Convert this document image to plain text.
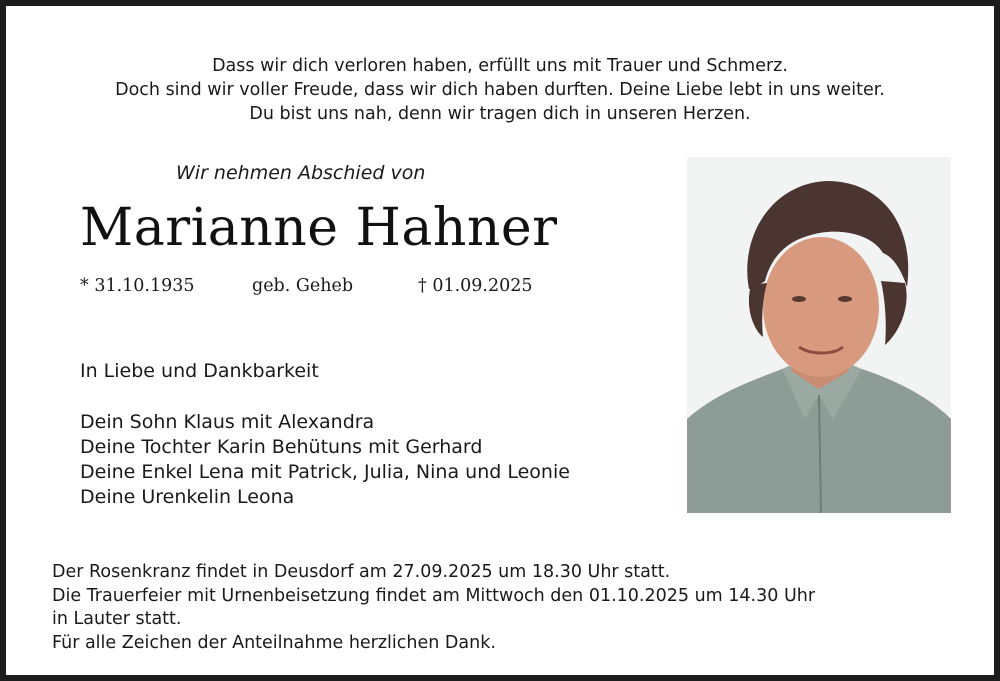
Dass wir dich verloren haben, erfüllt uns mit Trauer und Schmerz.
Doch sind wir voller Freude, dass wir dich haben durften. Deine Liebe lebt in uns weiter.
Du bist uns nah, denn wir tragen dich in unseren Herzen.
Wir nehmen Abschied von
Marianne Hahner
* 31.10.1935	geb. Geheb	† 01.09.2025
In Liebe und Dankbarkeit
Dein Sohn Klaus mit Alexandra
Deine Tochter Karin Behütuns mit Gerhard
Deine Enkel Lena mit Patrick, Julia, Nina und Leonie
Deine Urenkelin Leona
Der Rosenkranz findet in Deusdorf am 27.09.2025 um 18.30 Uhr statt.
Die Trauerfeier mit Urnenbeisetzung findet am Mittwoch den 01.10.2025 um 14.30 Uhr
in Lauter statt.
Für alle Zeichen der Anteilnahme herzlichen Dank.
